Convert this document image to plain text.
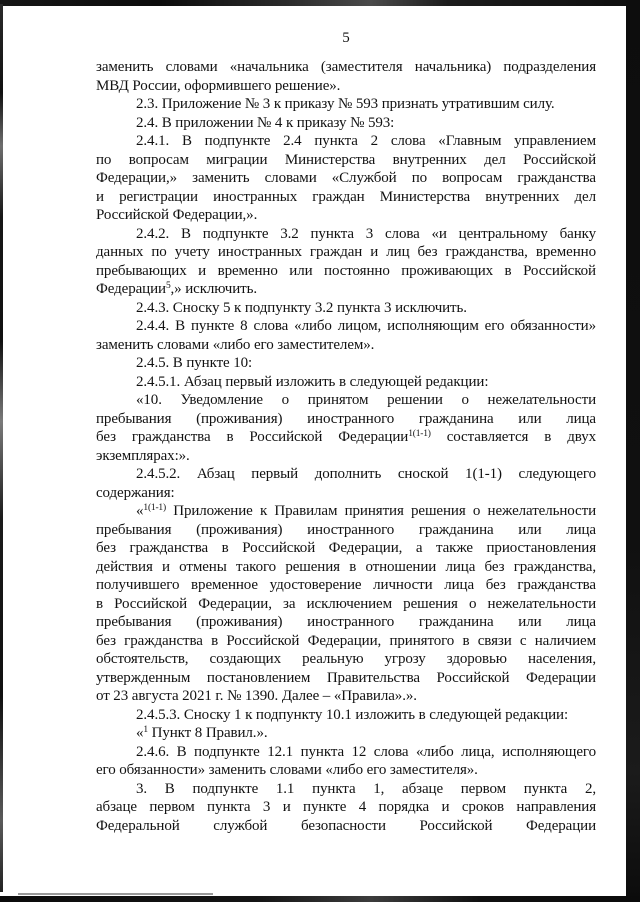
5
заменить словами «начальника (заместителя начальника) подразделения
МВД России, оформившего решение».
2.3. Приложение № 3 к приказу № 593 признать утратившим силу.
2.4. В приложении № 4 к приказу № 593:
2.4.1. В подпункте 2.4 пункта 2 слова «Главным управлением
по вопросам миграции Министерства внутренних дел Российской
Федерации,» заменить словами «Службой по вопросам гражданства
и регистрации иностранных граждан Министерства внутренних дел
Российской Федерации,».
2.4.2. В подпункте 3.2 пункта 3 слова «и центральному банку
данных по учету иностранных граждан и лиц без гражданства, временно
пребывающих и временно или постоянно проживающих в Российской
Федерации$^5$,» исключить.
2.4.3. Сноску 5 к подпункту 3.2 пункта 3 исключить.
2.4.4. В пункте 8 слова «либо лицом, исполняющим его обязанности»
заменить словами «либо его заместителем».
2.4.5. В пункте 10:
2.4.5.1. Абзац первый изложить в следующей редакции:
«10. Уведомление о принятом решении о нежелательности
пребывания (проживания) иностранного гражданина или лица
без гражданства в Российской Федерации$^{1(1-1)}$ составляется в двух
экземплярах:».
2.4.5.2. Абзац первый дополнить сноской 1(1-1) следующего
содержания:
«$^{1(1-1)}$ Приложение к Правилам принятия решения о нежелательности
пребывания (проживания) иностранного гражданина или лица
без гражданства в Российской Федерации, а также приостановления
действия и отмены такого решения в отношении лица без гражданства,
получившего временное удостоверение личности лица без гражданства
в Российской Федерации, за исключением решения о нежелательности
пребывания (проживания) иностранного гражданина или лица
без гражданства в Российской Федерации, принятого в связи с наличием
обстоятельств, создающих реальную угрозу здоровью населения,
утвержденным постановлением Правительства Российской Федерации
от 23 августа 2021 г. № 1390. Далее – «Правила».».
2.4.5.3. Сноску 1 к подпункту 10.1 изложить в следующей редакции:
«$^1$ Пункт 8 Правил.».
2.4.6. В подпункте 12.1 пункта 12 слова «либо лица, исполняющего
его обязанности» заменить словами «либо его заместителя».
3. В подпункте 1.1 пункта 1, абзаце первом пункта 2,
абзаце первом пункта 3 и пункте 4 порядка и сроков направления
Федеральной службой безопасности Российской Федерации
